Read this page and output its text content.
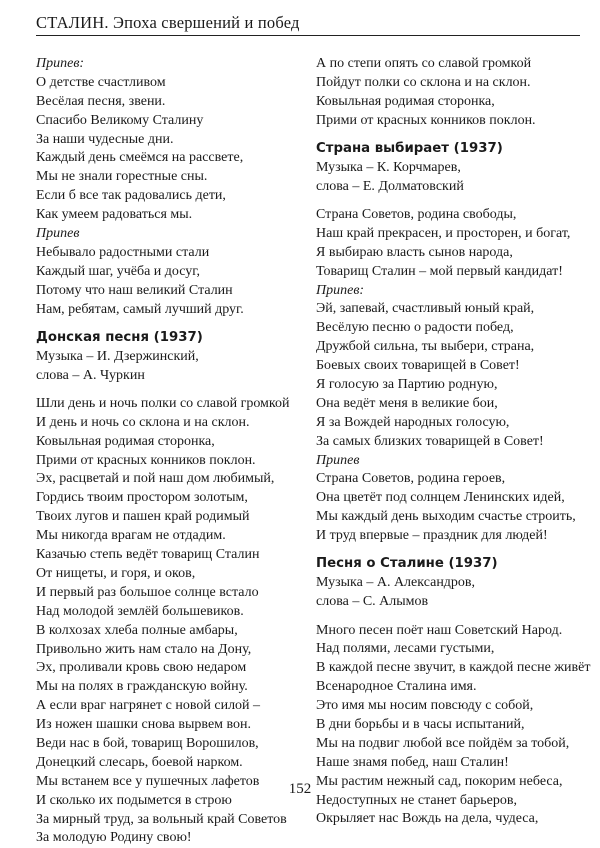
СТАЛИН. Эпоха свершений и побед
Припев:
О детстве счастливом
Весёлая песня, звени.
Спасибо Великому Сталину
За наши чудесные дни.
Каждый день смеёмся на рассвете,
Мы не знали горестные сны.
Если б все так радовались дети,
Как умеем радоваться мы.
Припев
Небывало радостными стали
Каждый шаг, учёба и досуг,
Потому что наш великий Сталин
Нам, ребятам, самый лучший друг.
Донская песня (1937)
Музыка – И. Дзержинский,
слова – А. Чуркин
Шли день и ночь полки со славой громкой
И день и ночь со склона и на склон.
Ковыльная родимая сторонка,
Прими от красных конников поклон.
Эх, расцветай и пой наш дом любимый,
Гордись твоим простором золотым,
Твоих лугов и пашен край родимый
Мы никогда врагам не отдадим.
Казачью степь ведёт товарищ Сталин
От нищеты, и горя, и оков,
И первый раз большое солнце встало
Над молодой землёй большевиков.
В колхозах хлеба полные амбары,
Привольно жить нам стало на Дону,
Эх, проливали кровь свою недаром
Мы на полях в гражданскую войну.
А если враг нагрянет с новой силой –
Из ножен шашки снова вырвем вон.
Веди нас в бой, товарищ Ворошилов,
Донецкий слесарь, боевой нарком.
Мы встанем все у пушечных лафетов
И сколько их подымется в строю
За мирный труд, за вольный край Советов
За молодую Родину свою!
А по степи опять со славой громкой
Пойдут полки со склона и на склон.
Ковыльная родимая сторонка,
Прими от красных конников поклон.
Страна выбирает (1937)
Музыка – К. Корчмарев,
слова – Е. Долматовский
Страна Советов, родина свободы,
Наш край прекрасен, и просторен, и богат,
Я выбираю власть сынов народа,
Товарищ Сталин – мой первый кандидат!
Припев:
Эй, запевай, счастливый юный край,
Весёлую песню о радости побед,
Дружбой сильна, ты выбери, страна,
Боевых своих товарищей в Совет!
Я голосую за Партию родную,
Она ведёт меня в великие бои,
Я за Вождей народных голосую,
За самых близких товарищей в Совет!
Припев
Страна Советов, родина героев,
Она цветёт под солнцем Ленинских идей,
Мы каждый день выходим счастье строить,
И труд впервые – праздник для людей!
Песня о Сталине (1937)
Музыка – А. Александров,
слова – С. Алымов
Много песен поёт наш Советский Народ.
Над полями, лесами густыми,
В каждой песне звучит, в каждой песне живёт
Всенародное Сталина имя.
Это имя мы носим повсюду с собой,
В дни борьбы и в часы испытаний,
Мы на подвиг любой все пойдём за тобой,
Наше знамя побед, наш Сталин!
Мы растим нежный сад, покорим небеса,
Недоступных не станет барьеров,
Окрыляет нас Вождь на дела, чудеса,
152
